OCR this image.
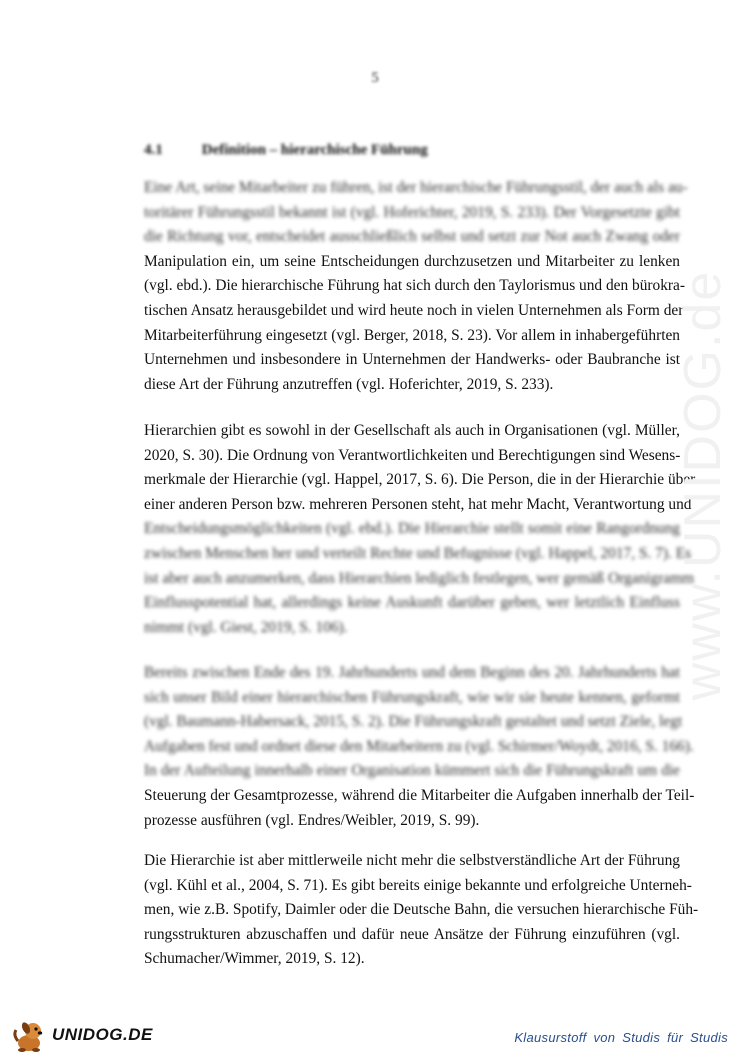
5
4.1	Definition – hierarchische Führung
Eine Art, seine Mitarbeiter zu führen, ist der hierarchische Führungsstil, der auch als au-
toritärer Führungsstil bekannt ist (vgl. Hoferichter, 2019, S. 233). Der Vorgesetzte gibt
die Richtung vor, entscheidet ausschließlich selbst und setzt zur Not auch Zwang oder
Manipulation ein, um seine Entscheidungen durchzusetzen und Mitarbeiter zu lenken
(vgl. ebd.). Die hierarchische Führung hat sich durch den Taylorismus und den bürokra-
tischen Ansatz herausgebildet und wird heute noch in vielen Unternehmen als Form der
Mitarbeiterführung eingesetzt (vgl. Berger, 2018, S. 23). Vor allem in inhabergeführten
Unternehmen und insbesondere in Unternehmen der Handwerks- oder Baubranche ist
diese Art der Führung anzutreffen (vgl. Hoferichter, 2019, S. 233).
Hierarchien gibt es sowohl in der Gesellschaft als auch in Organisationen (vgl. Müller,
2020, S. 30). Die Ordnung von Verantwortlichkeiten und Berechtigungen sind Wesens-
merkmale der Hierarchie (vgl. Happel, 2017, S. 6). Die Person, die in der Hierarchie über
einer anderen Person bzw. mehreren Personen steht, hat mehr Macht, Verantwortung und
Entscheidungsmöglichkeiten (vgl. ebd.). Die Hierarchie stellt somit eine Rangordnung
zwischen Menschen her und verteilt Rechte und Befugnisse (vgl. Happel, 2017, S. 7). Es
ist aber auch anzumerken, dass Hierarchien lediglich festlegen, wer gemäß Organigramm
Einflusspotential hat, allerdings keine Auskunft darüber geben, wer letztlich Einfluss
nimmt (vgl. Giest, 2019, S. 106).
Bereits zwischen Ende des 19. Jahrhunderts und dem Beginn des 20. Jahrhunderts hat
sich unser Bild einer hierarchischen Führungskraft, wie wir sie heute kennen, geformt
(vgl. Baumann-Habersack, 2015, S. 2). Die Führungskraft gestaltet und setzt Ziele, legt
Aufgaben fest und ordnet diese den Mitarbeitern zu (vgl. Schirmer/Woydt, 2016, S. 166).
In der Aufteilung innerhalb einer Organisation kümmert sich die Führungskraft um die
Steuerung der Gesamtprozesse, während die Mitarbeiter die Aufgaben innerhalb der Teil-
prozesse ausführen (vgl. Endres/Weibler, 2019, S. 99).
Die Hierarchie ist aber mittlerweile nicht mehr die selbstverständliche Art der Führung
(vgl. Kühl et al., 2004, S. 71). Es gibt bereits einige bekannte und erfolgreiche Unterneh-
men, wie z.B. Spotify, Daimler oder die Deutsche Bahn, die versuchen hierarchische Füh-
rungsstrukturen abzuschaffen und dafür neue Ansätze der Führung einzuführen (vgl.
Schumacher/Wimmer, 2019, S. 12).
www.UNIDOG.de
UNIDOG.DE	Klausurstoff von Studis für Studis
